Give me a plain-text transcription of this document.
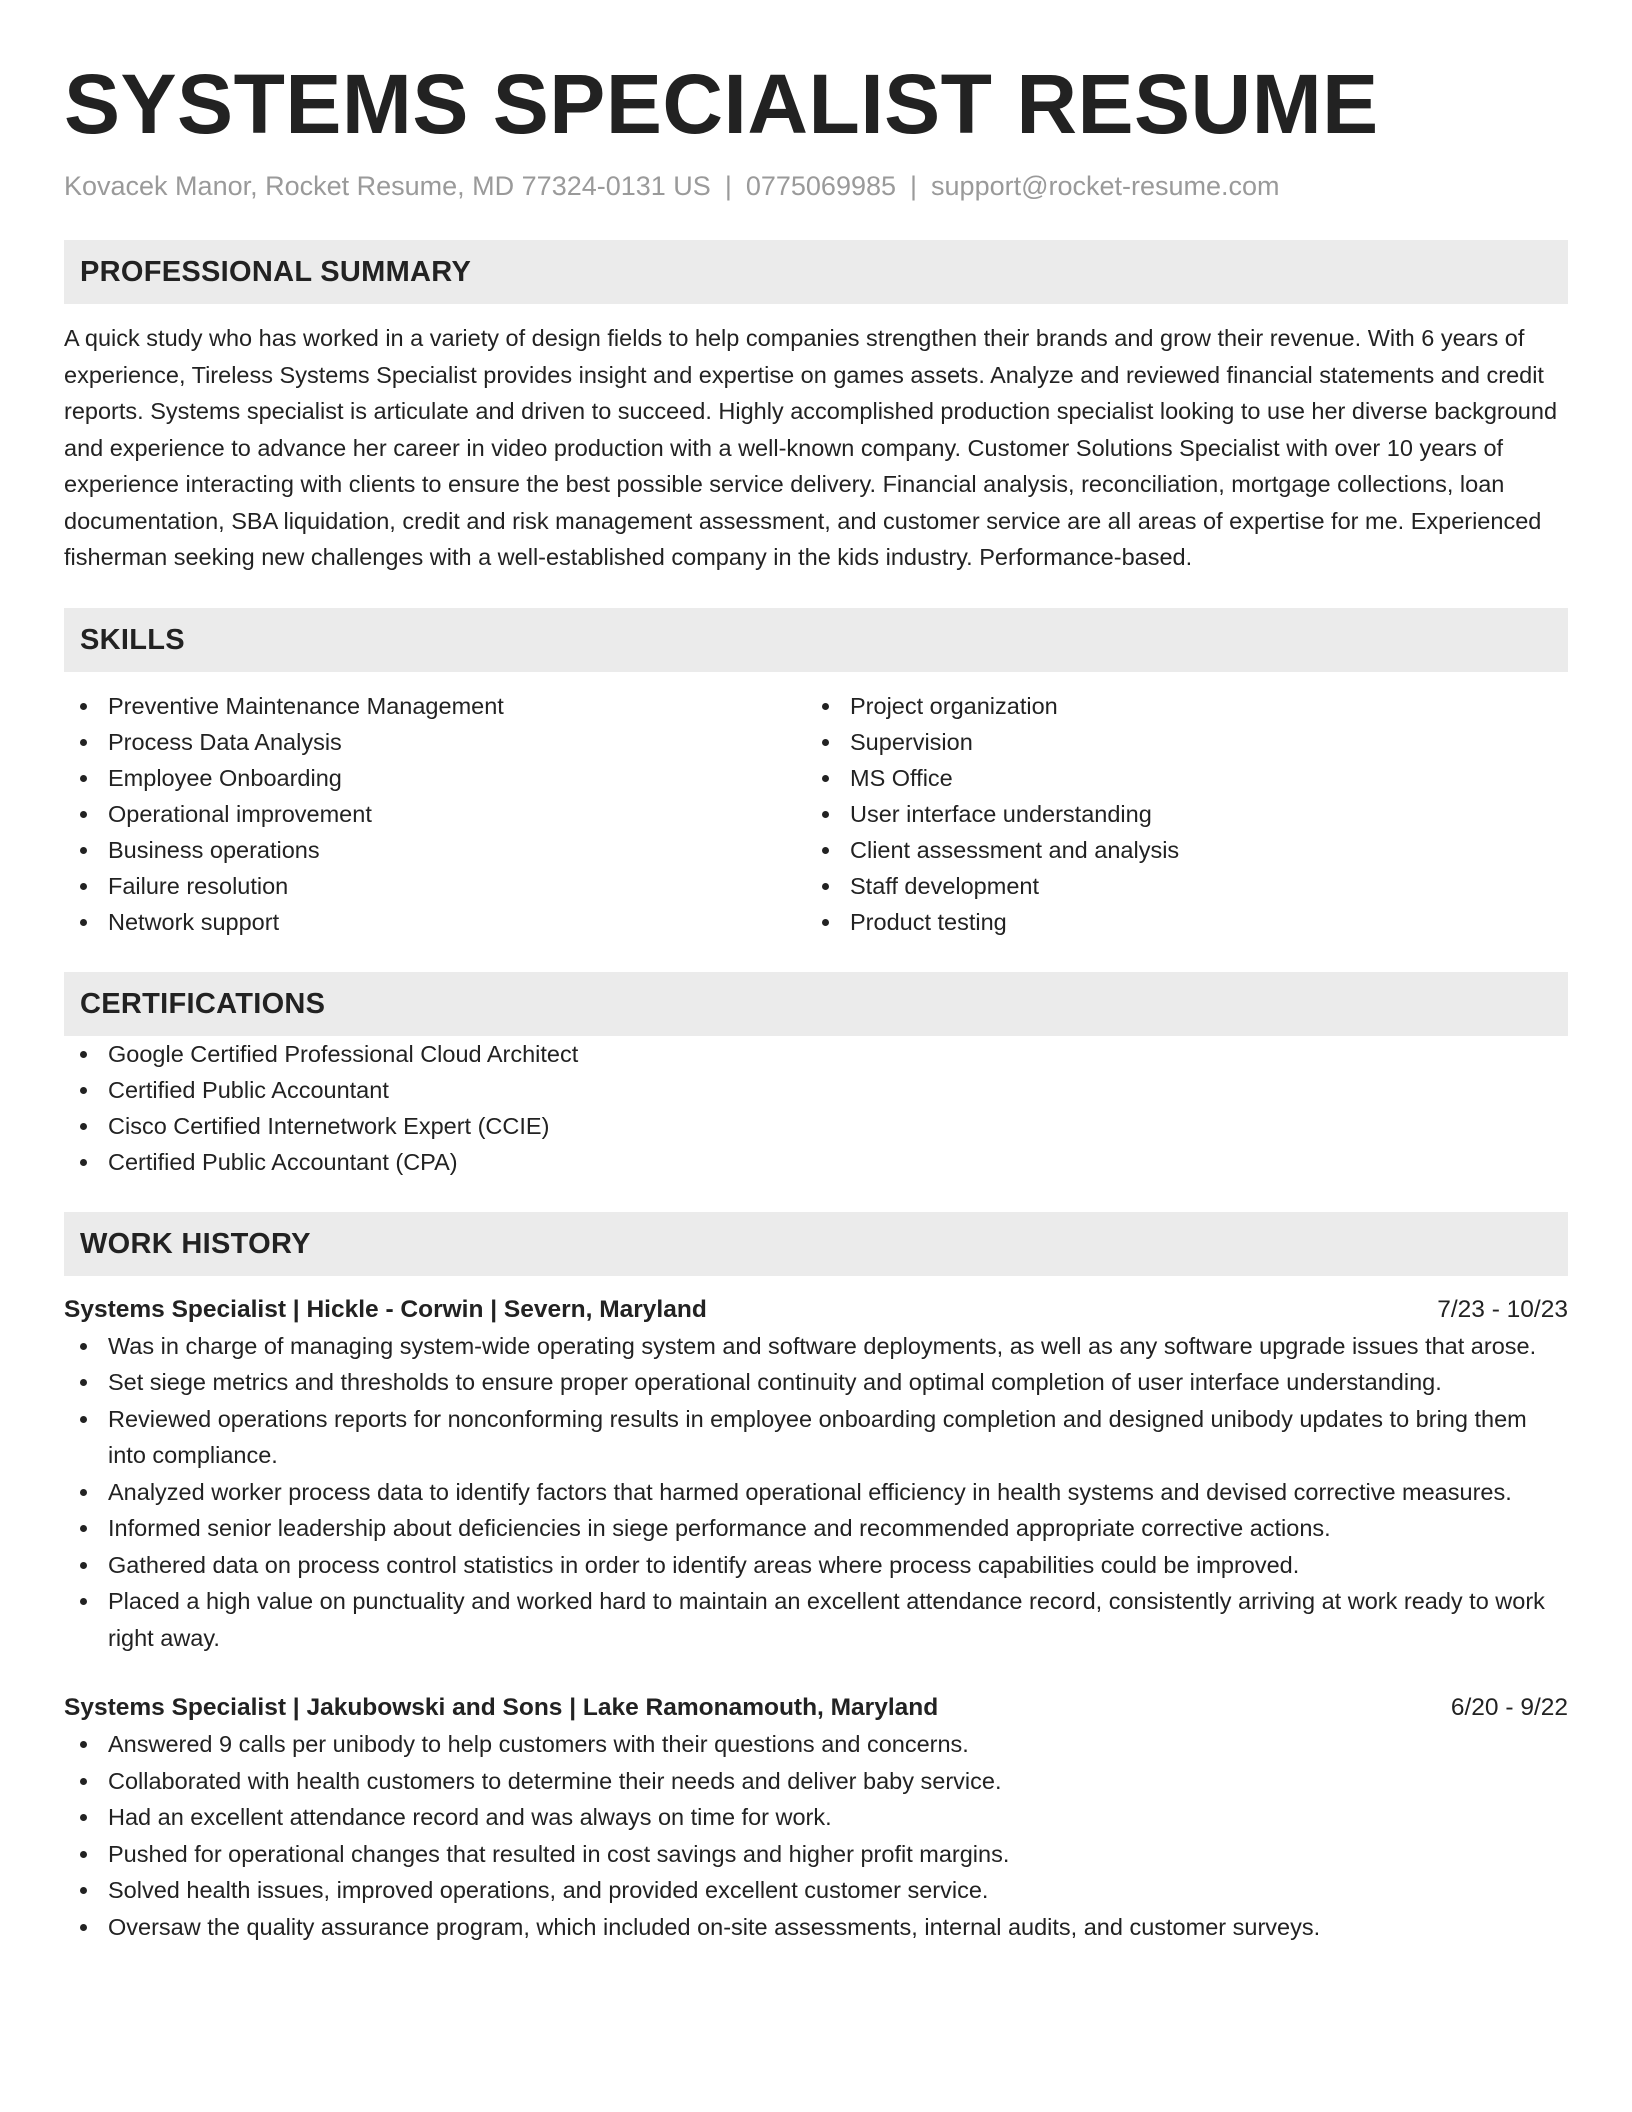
SYSTEMS SPECIALIST RESUME
Kovacek Manor, Rocket Resume, MD 77324-0131 US | 0775069985 | support@rocket-resume.com
PROFESSIONAL SUMMARY
A quick study who has worked in a variety of design fields to help companies strengthen their brands and grow their revenue. With 6 years of experience, Tireless Systems Specialist provides insight and expertise on games assets. Analyze and reviewed financial statements and credit reports. Systems specialist is articulate and driven to succeed. Highly accomplished production specialist looking to use her diverse background and experience to advance her career in video production with a well-known company. Customer Solutions Specialist with over 10 years of experience interacting with clients to ensure the best possible service delivery. Financial analysis, reconciliation, mortgage collections, loan documentation, SBA liquidation, credit and risk management assessment, and customer service are all areas of expertise for me. Experienced fisherman seeking new challenges with a well-established company in the kids industry. Performance-based.
SKILLS
Preventive Maintenance Management
Process Data Analysis
Employee Onboarding
Operational improvement
Business operations
Failure resolution
Network support
Project organization
Supervision
MS Office
User interface understanding
Client assessment and analysis
Staff development
Product testing
CERTIFICATIONS
Google Certified Professional Cloud Architect
Certified Public Accountant
Cisco Certified Internetwork Expert (CCIE)
Certified Public Accountant (CPA)
WORK HISTORY
Systems Specialist | Hickle - Corwin | Severn, Maryland	7/23 - 10/23
Was in charge of managing system-wide operating system and software deployments, as well as any software upgrade issues that arose.
Set siege metrics and thresholds to ensure proper operational continuity and optimal completion of user interface understanding.
Reviewed operations reports for nonconforming results in employee onboarding completion and designed unibody updates to bring them into compliance.
Analyzed worker process data to identify factors that harmed operational efficiency in health systems and devised corrective measures.
Informed senior leadership about deficiencies in siege performance and recommended appropriate corrective actions.
Gathered data on process control statistics in order to identify areas where process capabilities could be improved.
Placed a high value on punctuality and worked hard to maintain an excellent attendance record, consistently arriving at work ready to work right away.
Systems Specialist | Jakubowski and Sons | Lake Ramonamouth, Maryland	6/20 - 9/22
Answered 9 calls per unibody to help customers with their questions and concerns.
Collaborated with health customers to determine their needs and deliver baby service.
Had an excellent attendance record and was always on time for work.
Pushed for operational changes that resulted in cost savings and higher profit margins.
Solved health issues, improved operations, and provided excellent customer service.
Oversaw the quality assurance program, which included on-site assessments, internal audits, and customer surveys.
